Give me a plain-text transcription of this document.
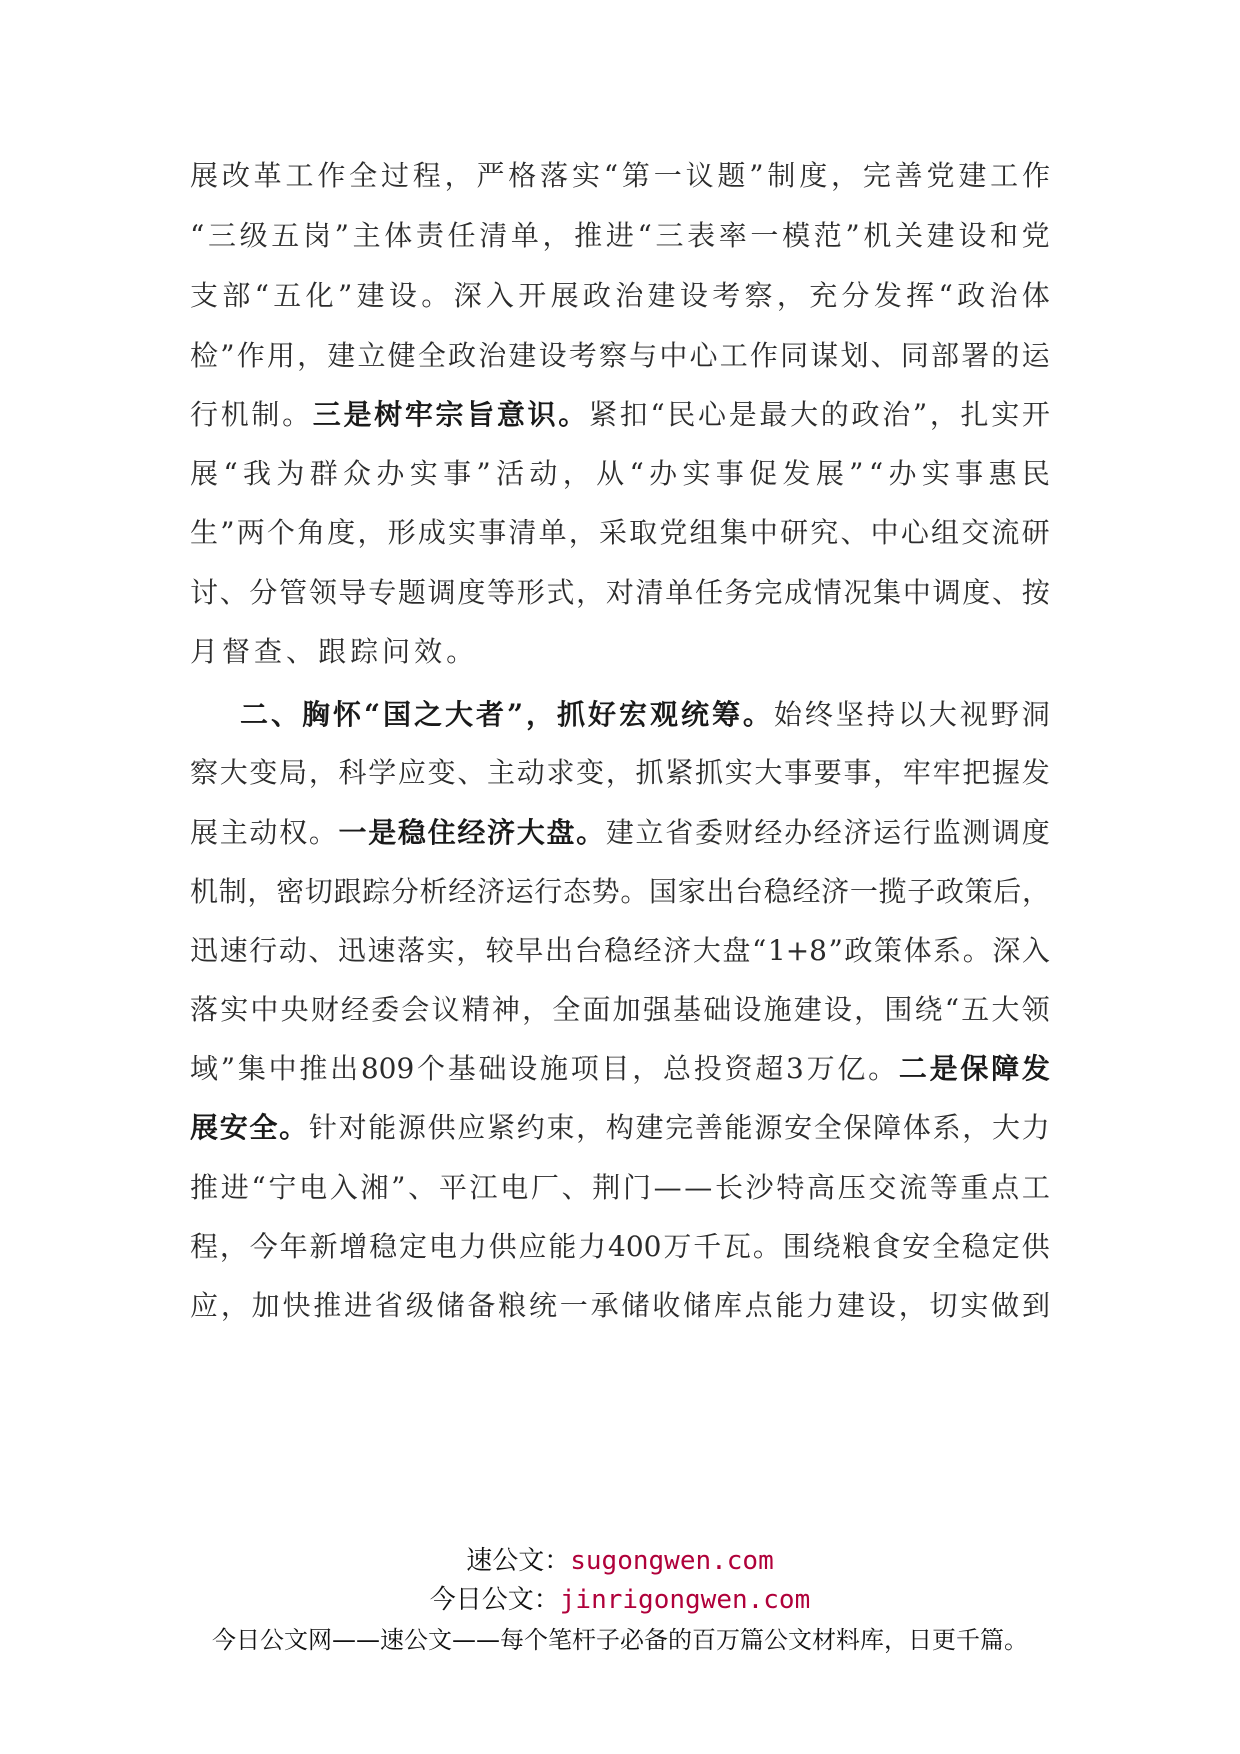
展 改 革 工 作 全 过 程 ， 严 格 落 实 “ 第 一 议 题 ” 制 度 ， 完 善 党 建 工 作
“ 三 级 五 岗 ” 主 体 责 任 清 单 ， 推 进 “ 三 表 率 一 模 范 ” 机 关 建 设 和 党
支 部 “ 五 化 ” 建 设 。 深 入 开 展 政 治 建 设 考 察 ， 充 分 发 挥 “ 政 治 体
检 ” 作 用 ， 建 立 健 全 政 治 建 设 考 察 与 中 心 工 作 同 谋 划 、 同 部 署 的 运
行 机 制 。 三 是 树 牢 宗 旨 意 识 。 紧 扣 “ 民 心 是 最 大 的 政 治 ” ， 扎 实 开
展 “ 我 为 群 众 办 实 事 ” 活 动 ， 从 “ 办 实 事 促 发 展 ” “ 办 实 事 惠 民
生 ” 两 个 角 度 ， 形 成 实 事 清 单 ， 采 取 党 组 集 中 研 究 、 中 心 组 交 流 研
讨 、 分 管 领 导 专 题 调 度 等 形 式 ， 对 清 单 任 务 完 成 情 况 集 中 调 度 、 按
月 督 查 、 跟 踪 问 效 。
二 、 胸 怀 “ 国 之 大 者 ” ， 抓 好 宏 观 统 筹 。 始 终 坚 持 以 大 视 野 洞
察 大 变 局 ， 科 学 应 变 、 主 动 求 变 ， 抓 紧 抓 实 大 事 要 事 ， 牢 牢 把 握 发
展 主 动 权 。 一 是 稳 住 经 济 大 盘 。 建 立 省 委 财 经 办 经 济 运 行 监 测 调 度
机 制 ， 密 切 跟 踪 分 析 经 济 运 行 态 势 。 国 家 出 台 稳 经 济 一 揽 子 政 策 后 ，
迅 速 行 动 、 迅 速 落 实 ， 较 早 出 台 稳 经 济 大 盘 “ 1+8 ” 政 策 体 系 。 深 入
落 实 中 央 财 经 委 会 议 精 神 ， 全 面 加 强 基 础 设 施 建 设 ， 围 绕 “ 五 大 领
域 ” 集 中 推 出 809 个 基 础 设 施 项 目 ， 总 投 资 超 3 万 亿 。 二 是 保 障 发
展 安 全 。 针 对 能 源 供 应 紧 约 束 ， 构 建 完 善 能 源 安 全 保 障 体 系 ， 大 力
推 进 “ 宁 电 入 湘 ” 、 平 江 电 厂 、 荆 门 — — 长 沙 特 高 压 交 流 等 重 点 工
程 ， 今 年 新 增 稳 定 电 力 供 应 能 力 400 万 千 瓦 。 围 绕 粮 食 安 全 稳 定 供
应 ， 加 快 推 进 省 级 储 备 粮 统 一 承 储 收 储 库 点 能 力 建 设 ， 切 实 做 到
速公文：sugongwen.com
今日公文：jinrigongwen.com
今日公文网——速公文——每个笔杆子必备的百万篇公文材料库，日更千篇。
